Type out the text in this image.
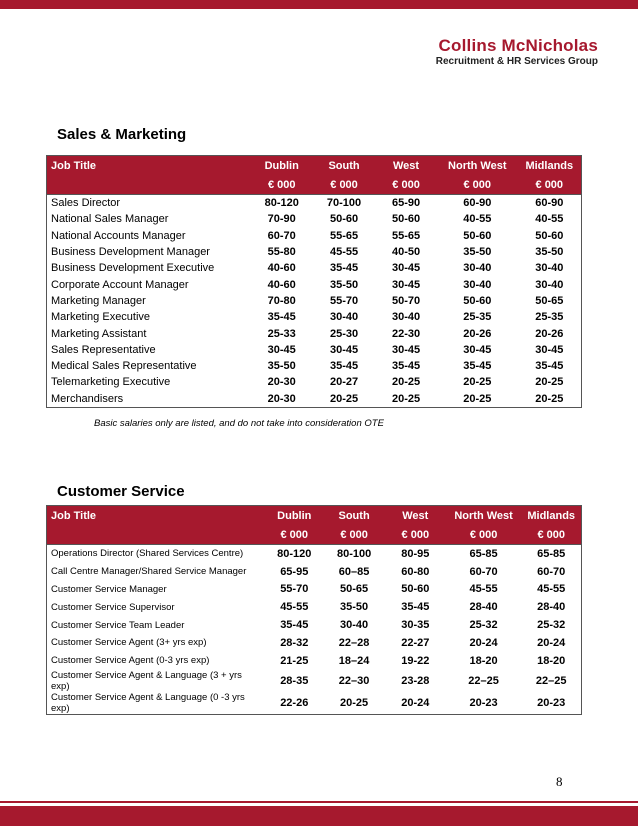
Collins McNicholas
Recruitment & HR Services Group
Sales & Marketing
Job Title	Dublin	South	West	North West	Midlands
	€ 000	€ 000	€ 000	€ 000	€ 000
Sales Director	80-120	70-100	65-90	60-90	60-90
National Sales Manager	70-90	50-60	50-60	40-55	40-55
National Accounts Manager	60-70	55-65	55-65	50-60	50-60
Business Development Manager	55-80	45-55	40-50	35-50	35-50
Business Development Executive	40-60	35-45	30-45	30-40	30-40
Corporate Account Manager	40-60	35-50	30-45	30-40	30-40
Marketing Manager	70-80	55-70	50-70	50-60	50-65
Marketing Executive	35-45	30-40	30-40	25-35	25-35
Marketing Assistant	25-33	25-30	22-30	20-26	20-26
Sales Representative	30-45	30-45	30-45	30-45	30-45
Medical Sales Representative	35-50	35-45	35-45	35-45	35-45
Telemarketing Executive	20-30	20-27	20-25	20-25	20-25
Merchandisers	20-30	20-25	20-25	20-25	20-25
Basic salaries only are listed, and do not take into consideration OTE
Customer Service
Job Title	Dublin	South	West	North West	Midlands
	€ 000	€ 000	€ 000	€ 000	€ 000
Operations Director (Shared Services Centre)	80-120	80-100	80-95	65-85	65-85
Call Centre Manager/Shared Service Manager	65-95	60–85	60-80	60-70	60-70
Customer Service Manager	55-70	50-65	50-60	45-55	45-55
Customer Service Supervisor	45-55	35-50	35-45	28-40	28-40
Customer Service Team Leader	35-45	30-40	30-35	25-32	25-32
Customer Service Agent (3+ yrs exp)	28-32	22–28	22-27	20-24	20-24
Customer Service Agent (0-3 yrs exp)	21-25	18–24	19-22	18-20	18-20
Customer Service Agent & Language (3 + yrs exp)	28-35	22–30	23-28	22–25	22–25
Customer Service Agent & Language (0 -3 yrs exp)	22-26	20-25	20-24	20-23	20-23
8
